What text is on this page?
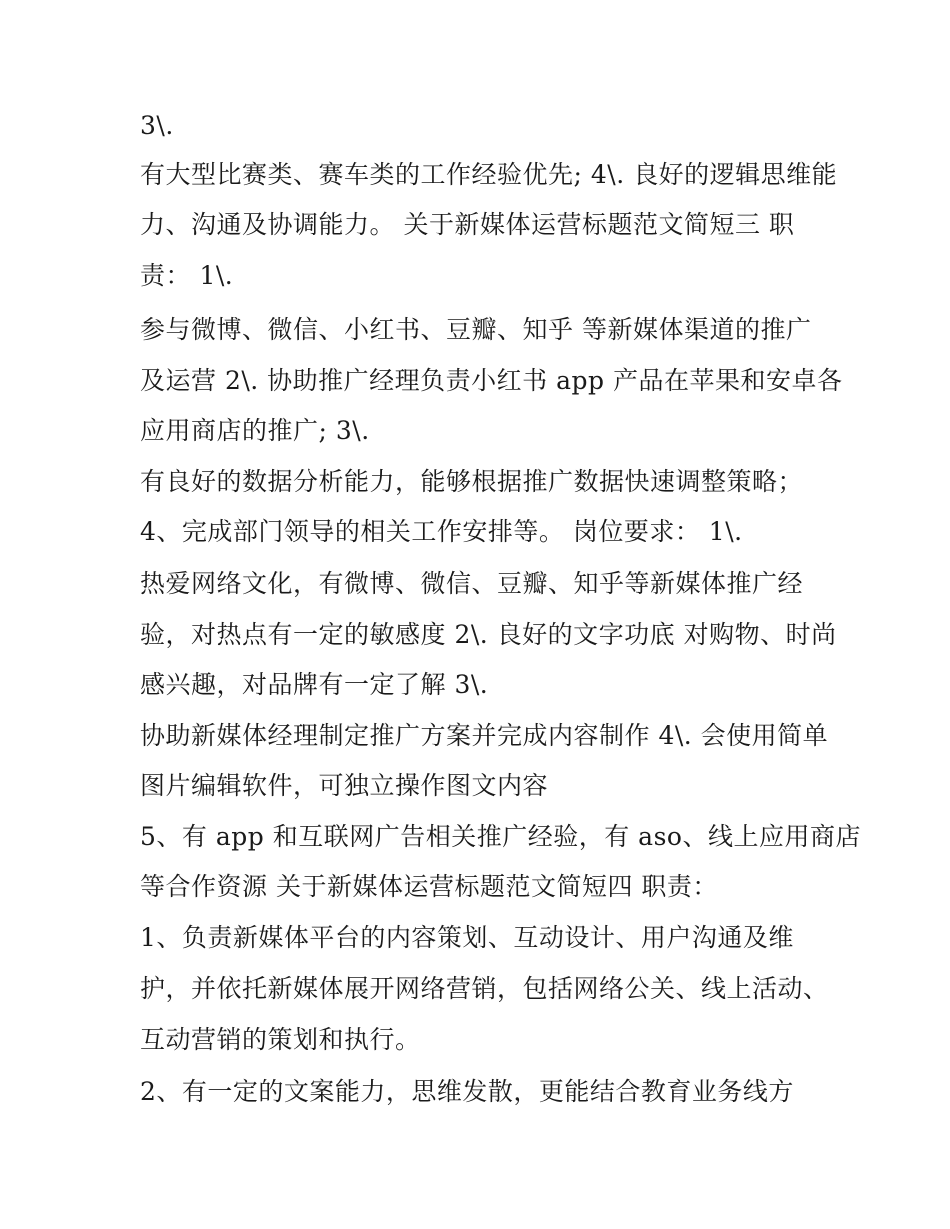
3\.

有大型比赛类、赛车类的工作经验优先; 4\. 良好的逻辑思维能

力、沟通及协调能力。 关于新媒体运营标题范文简短三 职

责： 1\.

参与微博、微信、小红书、豆瓣、知乎 等新媒体渠道的推广

及运营 2\. 协助推广经理负责小红书 app 产品在苹果和安卓各

应用商店的推广; 3\.

有良好的数据分析能力，能够根据推广数据快速调整策略；

4、完成部门领导的相关工作安排等。 岗位要求： 1\.

热爱网络文化，有微博、微信、豆瓣、知乎等新媒体推广经

验，对热点有一定的敏感度 2\. 良好的文字功底 对购物、时尚

感兴趣，对品牌有一定了解 3\.

协助新媒体经理制定推广方案并完成内容制作 4\. 会使用简单

图片编辑软件，可独立操作图文内容

5、有 app 和互联网广告相关推广经验，有 aso、线上应用商店

等合作资源 关于新媒体运营标题范文简短四 职责：

1、负责新媒体平台的内容策划、互动设计、用户沟通及维

护，并依托新媒体展开网络营销，包括网络公关、线上活动、

互动营销的策划和执行。

2、有一定的文案能力，思维发散，更能结合教育业务线方
